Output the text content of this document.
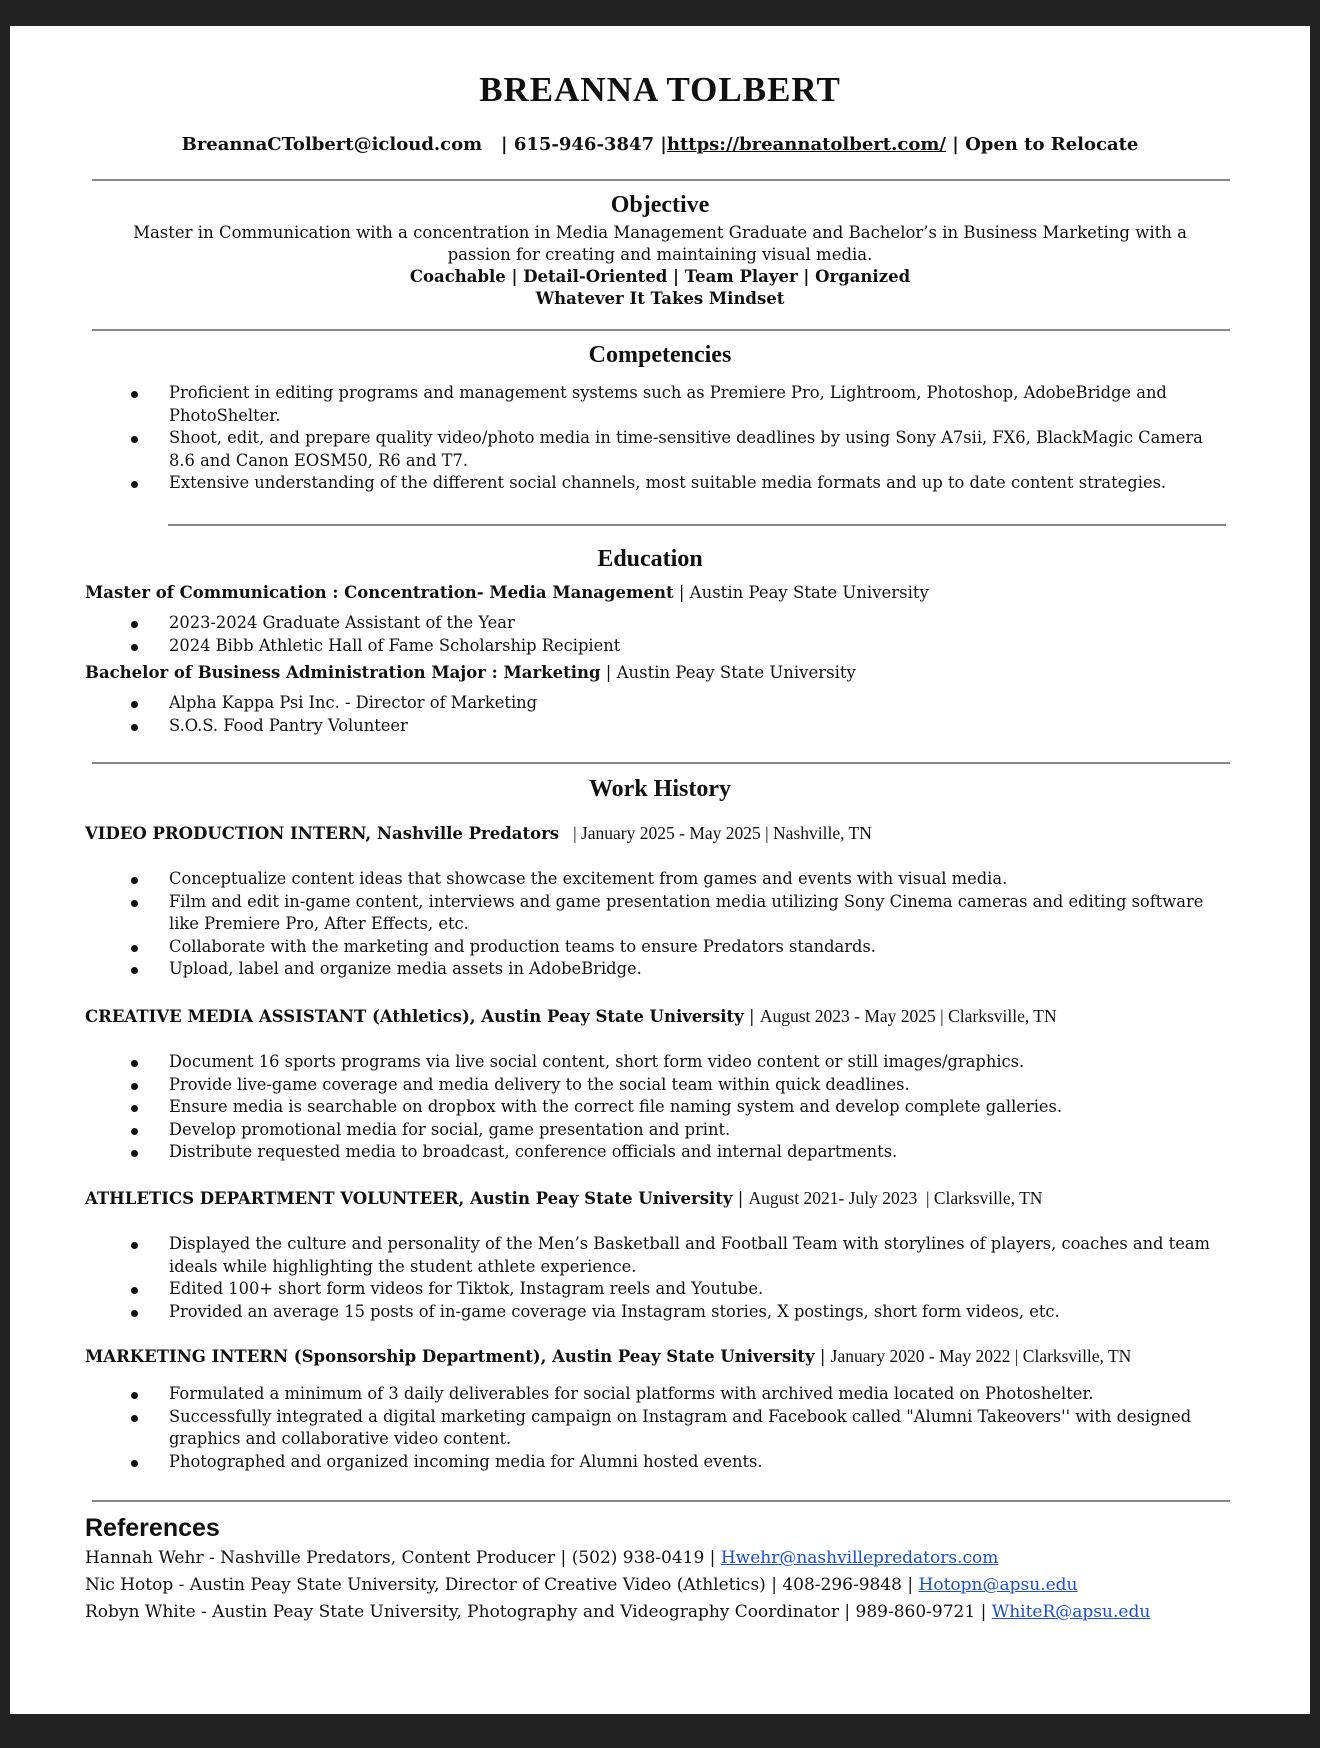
BREANNA TOLBERT
BreannaCTolbert@icloud.com   | 615-946-3847 |https://breannatolbert.com/ | Open to Relocate
Objective
Master in Communication with a concentration in Media Management Graduate and Bachelor’s in Business Marketing with a passion for creating and maintaining visual media.
Coachable | Detail-Oriented | Team Player | Organized
Whatever It Takes Mindset
Competencies
Proficient in editing programs and management systems such as Premiere Pro, Lightroom, Photoshop, AdobeBridge and PhotoShelter.
Shoot, edit, and prepare quality video/photo media in time-sensitive deadlines by using Sony A7sii, FX6, BlackMagic Camera 8.6 and Canon EOSM50, R6 and T7.
Extensive understanding of the different social channels, most suitable media formats and up to date content strategies.
Education
Master of Communication : Concentration- Media Management | Austin Peay State University
2023-2024 Graduate Assistant of the Year
2024 Bibb Athletic Hall of Fame Scholarship Recipient
Bachelor of Business Administration Major : Marketing | Austin Peay State University
Alpha Kappa Psi Inc. - Director of Marketing
S.O.S. Food Pantry Volunteer
Work History
VIDEO PRODUCTION INTERN, Nashville Predators   | January 2025 - May 2025 | Nashville, TN
Conceptualize content ideas that showcase the excitement from games and events with visual media.
Film and edit in-game content, interviews and game presentation media utilizing Sony Cinema cameras and editing software like Premiere Pro, After Effects, etc.
Collaborate with the marketing and production teams to ensure Predators standards.
Upload, label and organize media assets in AdobeBridge.
CREATIVE MEDIA ASSISTANT (Athletics), Austin Peay State University | August 2023 - May 2025 | Clarksville, TN
Document 16 sports programs via live social content, short form video content or still images/graphics.
Provide live-game coverage and media delivery to the social team within quick deadlines.
Ensure media is searchable on dropbox with the correct file naming system and develop complete galleries.
Develop promotional media for social, game presentation and print.
Distribute requested media to broadcast, conference officials and internal departments.
ATHLETICS DEPARTMENT VOLUNTEER, Austin Peay State University | August 2021- July 2023  | Clarksville, TN
Displayed the culture and personality of the Men’s Basketball and Football Team with storylines of players, coaches and team ideals while highlighting the student athlete experience.
Edited 100+ short form videos for Tiktok, Instagram reels and Youtube.
Provided an average 15 posts of in-game coverage via Instagram stories, X postings, short form videos, etc.
MARKETING INTERN (Sponsorship Department), Austin Peay State University | January 2020 - May 2022 | Clarksville, TN
Formulated a minimum of 3 daily deliverables for social platforms with archived media located on Photoshelter.
Successfully integrated a digital marketing campaign on Instagram and Facebook called "Alumni Takeovers'' with designed graphics and collaborative video content.
Photographed and organized incoming media for Alumni hosted events.
References
Hannah Wehr - Nashville Predators, Content Producer | (502) 938-0419 | Hwehr@nashvillepredators.com
Nic Hotop - Austin Peay State University, Director of Creative Video (Athletics) | 408-296-9848 | Hotopn@apsu.edu
Robyn White - Austin Peay State University, Photography and Videography Coordinator | 989-860-9721 | WhiteR@apsu.edu
